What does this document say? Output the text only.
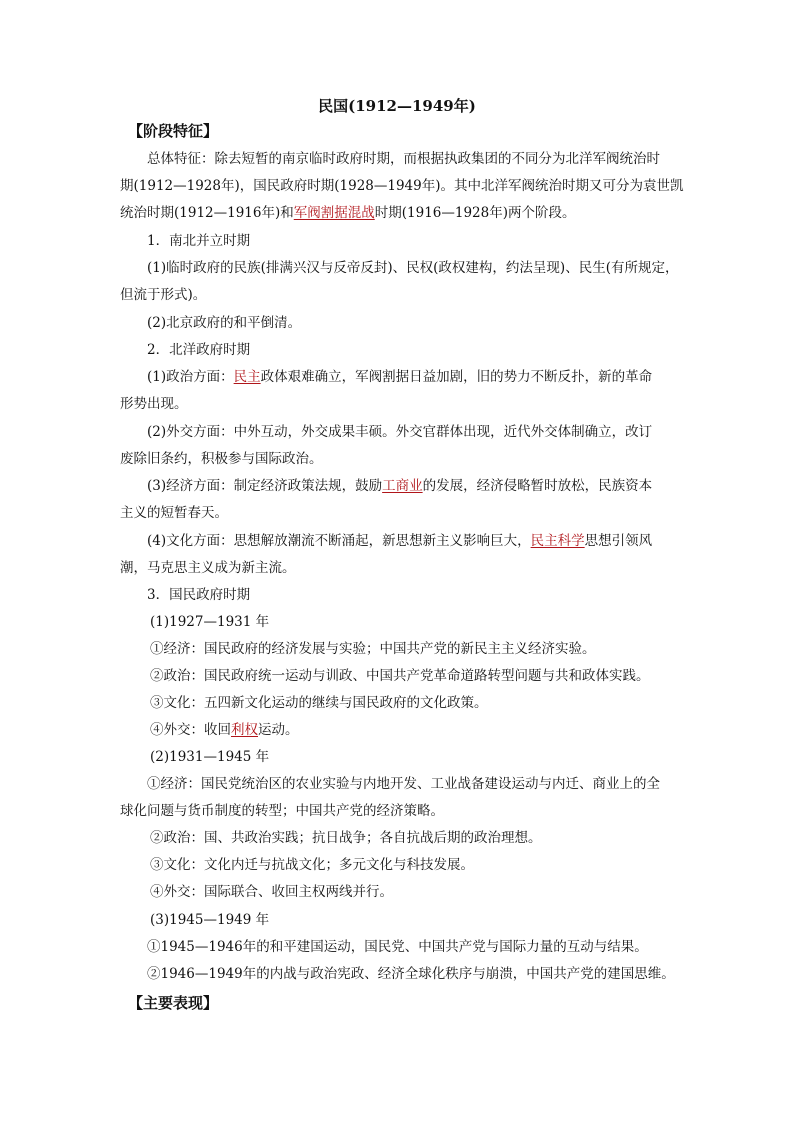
民国(1912—1949年)
【阶段特征】
总体特征：除去短暂的南京临时政府时期，而根据执政集团的不同分为北洋军阀统治时
期(1912—1928年)，国民政府时期(1928—1949年)。其中北洋军阀统治时期又可分为袁世凯
统治时期(1912—1916年)和军阀割据混战时期(1916—1928年)两个阶段。
1．南北并立时期
(1)临时政府的民族(排满兴汉与反帝反封)、民权(政权建构，约法呈现)、民生(有所规定，
但流于形式)。
(2)北京政府的和平倒清。
2．北洋政府时期
(1)政治方面：民主政体艰难确立，军阀割据日益加剧，旧的势力不断反扑，新的革命
形势出现。
(2)外交方面：中外互动，外交成果丰硕。外交官群体出现，近代外交体制确立，改订
废除旧条约，积极参与国际政治。
(3)经济方面：制定经济政策法规，鼓励工商业的发展，经济侵略暂时放松，民族资本
主义的短暂春天。
(4)文化方面：思想解放潮流不断涌起，新思想新主义影响巨大，民主科学思想引领风
潮，马克思主义成为新主流。
3．国民政府时期
(1)1927—1931 年
①经济：国民政府的经济发展与实验；中国共产党的新民主主义经济实验。
②政治：国民政府统一运动与训政、中国共产党革命道路转型问题与共和政体实践。
③文化：五四新文化运动的继续与国民政府的文化政策。
④外交：收回利权运动。
(2)1931—1945 年
①经济：国民党统治区的农业实验与内地开发、工业战备建设运动与内迁、商业上的全
球化问题与货币制度的转型；中国共产党的经济策略。
②政治：国、共政治实践；抗日战争；各自抗战后期的政治理想。
③文化：文化内迁与抗战文化；多元文化与科技发展。
④外交：国际联合、收回主权两线并行。
(3)1945—1949 年
①1945—1946年的和平建国运动，国民党、中国共产党与国际力量的互动与结果。
②1946—1949年的内战与政治宪政、经济全球化秩序与崩溃，中国共产党的建国思维。
【主要表现】
